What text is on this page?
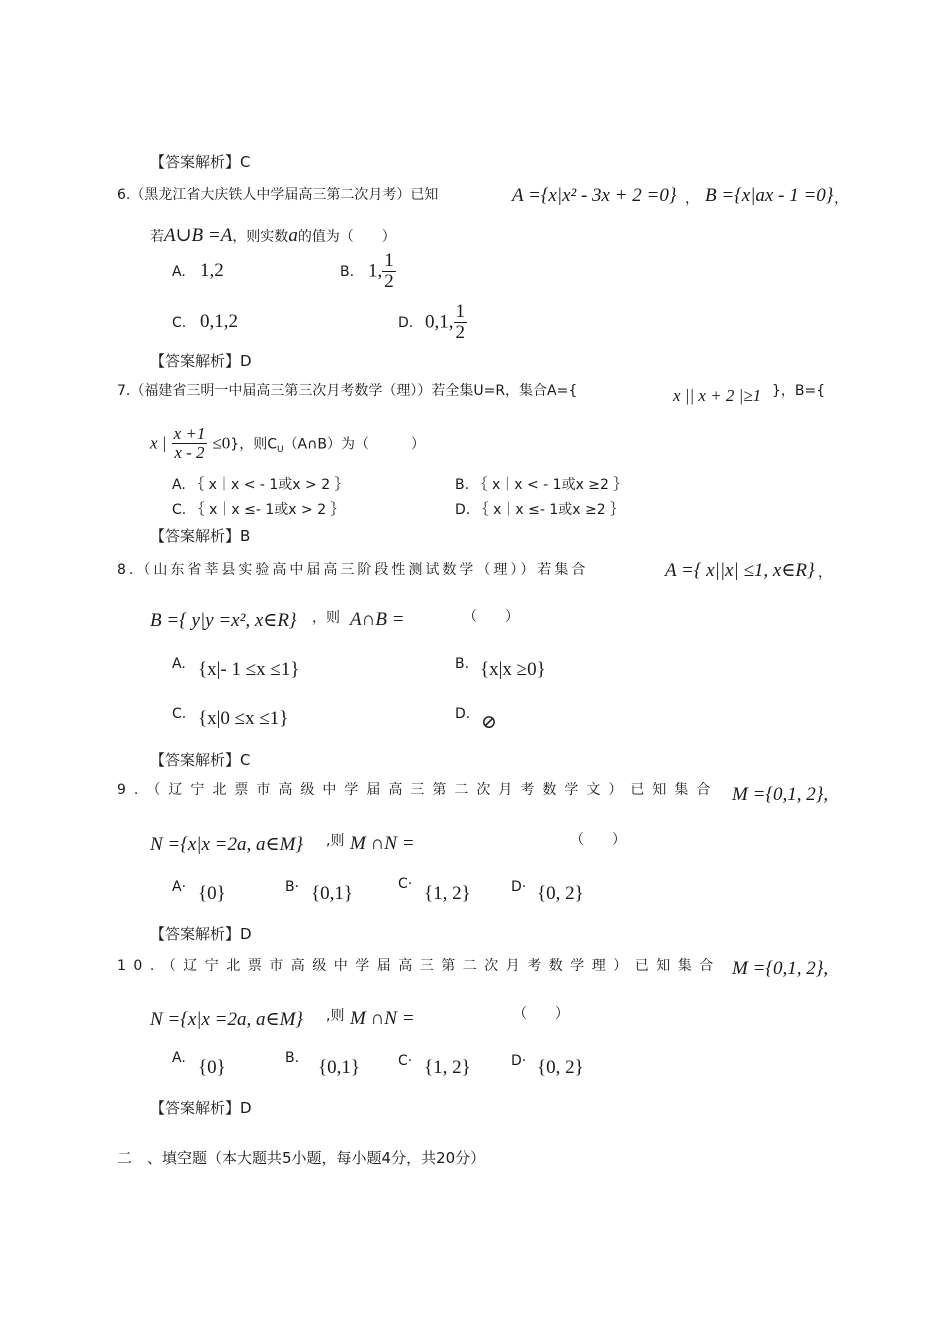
【答案解析】C
6.（黑龙江省大庆铁人中学届高三第二次月考）已知	A ={x|x² - 3x + 2 =0} ， B ={x|ax - 1 =0} ，
若A∪B =A，则实数a的值为（　　）
A. 1,2	B. 1, $\frac{1}{2}$
C. 0,1,2	D. 0,1, $\frac{1}{2}$
【答案解析】D
7.（福建省三明一中届高三第三次月考数学（理））若全集U=R，集合A={	x || x + 2 |≥1 }，B={
x | $\frac{x +1}{x - 2} \le 0$}，则$C_U(A\cap B)$为（　　　）
A. ｛ x｜x < - 1或x > 2 ｝	B. ｛ x｜x < - 1或x ≥2 ｝
C. ｛ x｜x ≤- 1或x > 2 ｝	D. ｛ x｜x ≤- 1或x ≥2 ｝
【答案解析】B
8.（山东省莘县实验高中届高三阶段性测试数学（理））若集合	A ={ x||x| ≤1, x∈R} ，
B ={ y|y =x², x∈R} ，则 A∩B =	（　　）
A. {x|- 1 ≤x ≤1}	B. {x|x ≥0}
C. {x|0 ≤x ≤1}	D. ⊘
【答案解析】C
9.（辽宁北票市高级中学届高三第二次月考数学文）已知集合 M ={0,1, 2},
N ={x|x =2a, a∈M} ,则 M ∩N =	（　　）
A· {0}	B· {0,1}	C· {1, 2}	D· {0, 2}
【答案解析】D
10.（辽宁北票市高级中学届高三第二次月考数学理）已知集合 M ={0,1, 2},
N ={x|x =2a, a∈M} ,则 M ∩N =	（　　）
A. {0}	B. {0,1}	C· {1, 2}	D· {0, 2}
【答案解析】D
二　、填空题（本大题共5小题，每小题4分，共20分）
